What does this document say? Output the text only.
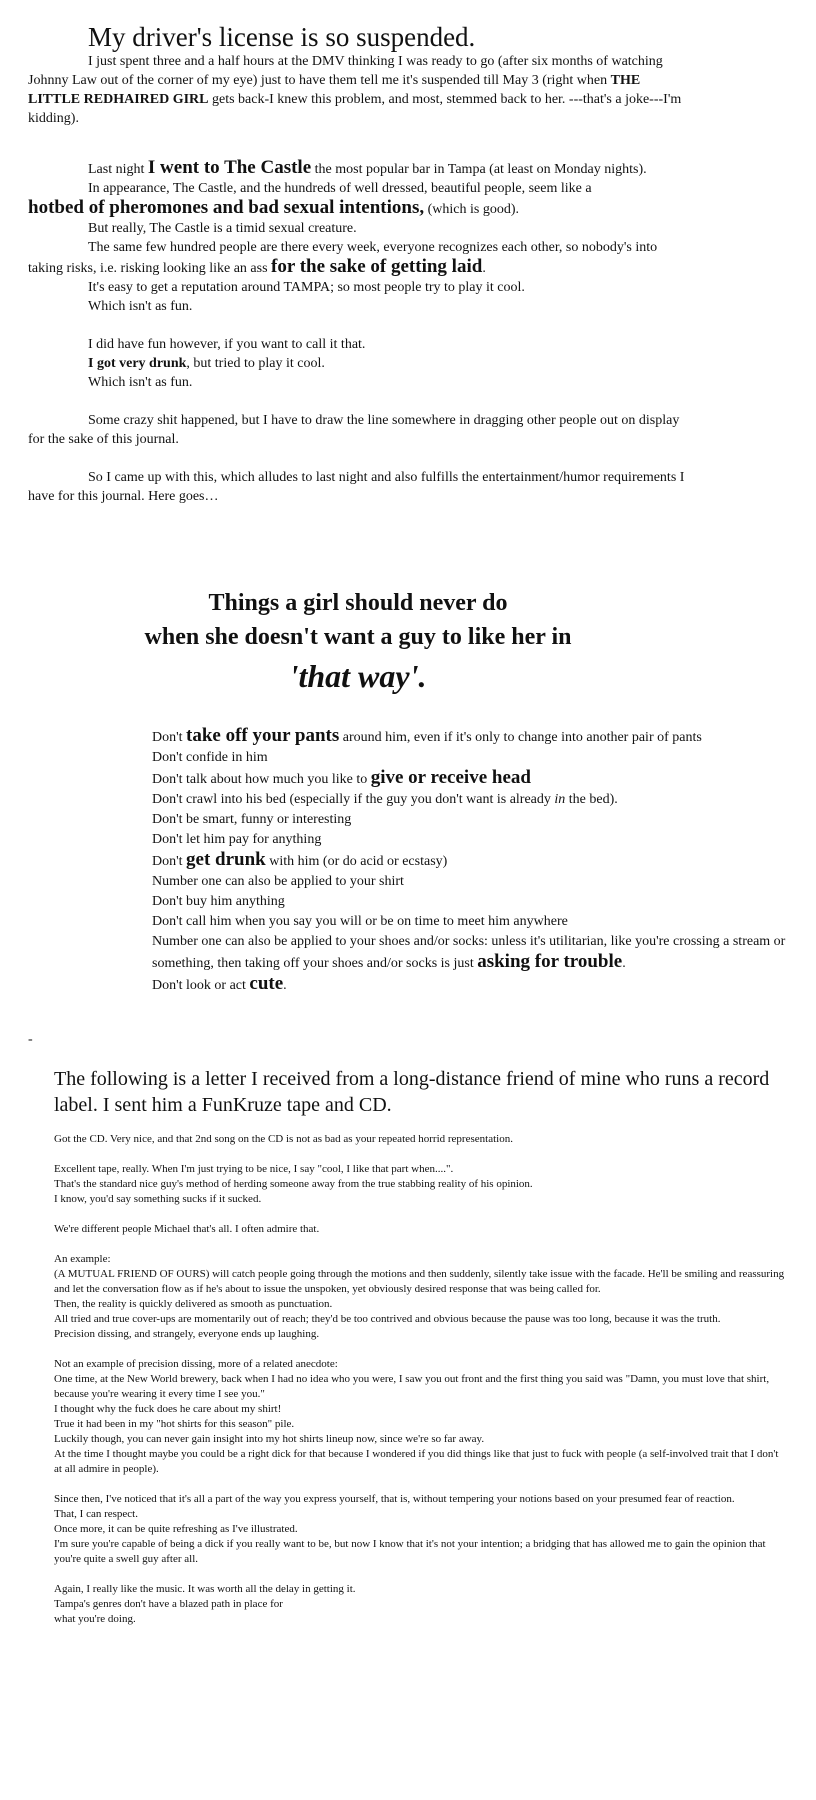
My driver's license is so suspended.

I just spent three and a half hours at the DMV thinking I was ready to go (after six months of watching Johnny Law out of the corner of my eye) just to have them tell me it's suspended till May 3 (right when THE LITTLE REDHAIRED GIRL gets back-I knew this problem, and most, stemmed back to her. ---that's a joke---I'm kidding).

Last night I went to The Castle the most popular bar in Tampa (at least on Monday nights).

In appearance, The Castle, and the hundreds of well dressed, beautiful people, seem like a

hotbed of pheromones and bad sexual intentions, (which is good).

But really, The Castle is a timid sexual creature.

The same few hundred people are there every week, everyone recognizes each other, so nobody's into taking risks, i.e. risking looking like an ass for the sake of getting laid.

It's easy to get a reputation around TAMPA; so most people try to play it cool.

Which isn't as fun.

I did have fun however, if you want to call it that.

I got very drunk, but tried to play it cool.

Which isn't as fun.

Some crazy shit happened, but I have to draw the line somewhere in dragging other people out on display for the sake of this journal.

So I came up with this, which alludes to last night and also fulfills the entertainment/humor requirements I have for this journal. Here goes…

Things a girl should never do

when she doesn't want a guy to like her in

'that way'.

Don't take off your pants around him, even if it's only to change into another pair of pants

Don't confide in him

Don't talk about how much you like to give or receive head

Don't crawl into his bed (especially if the guy you don't want is already in the bed).

Don't be smart, funny or interesting

Don't let him pay for anything

Don't get drunk with him (or do acid or ecstasy)

Number one can also be applied to your shirt

Don't buy him anything

Don't call him when you say you will or be on time to meet him anywhere

Number one can also be applied to your shoes and/or socks: unless it's utilitarian, like you're crossing a stream or something, then taking off your shoes and/or socks is just asking for trouble.

Don't look or act cute.

-

The following is a letter I received from a long-distance friend of mine who runs a record label. I sent him a FunKruze tape and CD.

Got the CD. Very nice, and that 2nd song on the CD is not as bad as your repeated horrid representation.

Excellent tape, really. When I'm just trying to be nice, I say "cool, I like that part when....".

That's the standard nice guy's method of herding someone away from the true stabbing reality of his opinion.

I know, you'd say something sucks if it sucked.

We're different people Michael that's all. I often admire that.

An example:

(A MUTUAL FRIEND OF OURS) will catch people going through the motions and then suddenly, silently take issue with the facade. He'll be smiling and reassuring and let the conversation flow as if he's about to issue the unspoken, yet obviously desired response that was being called for.

Then, the reality is quickly delivered as smooth as punctuation.

All tried and true cover-ups are momentarily out of reach; they'd be too contrived and obvious because the pause was too long, because it was the truth.

Precision dissing, and strangely, everyone ends up laughing.

Not an example of precision dissing, more of a related anecdote:

One time, at the New World brewery, back when I had no idea who you were, I saw you out front and the first thing you said was "Damn, you must love that shirt, because you're wearing it every time I see you."

I thought why the fuck does he care about my shirt!

True it had been in my "hot shirts for this season" pile.

Luckily though, you can never gain insight into my hot shirts lineup now, since we're so far away.

At the time I thought maybe you could be a right dick for that because I wondered if you did things like that just to fuck with people (a self-involved trait that I don't at all admire in people).

Since then, I've noticed that it's all a part of the way you express yourself, that is, without tempering your notions based on your presumed fear of reaction.

That, I can respect.

Once more, it can be quite refreshing as I've illustrated.

I'm sure you're capable of being a dick if you really want to be, but now I know that it's not your intention; a bridging that has allowed me to gain the opinion that you're quite a swell guy after all.

Again, I really like the music. It was worth all the delay in getting it.

Tampa's genres don't have a blazed path in place for

what you're doing.
